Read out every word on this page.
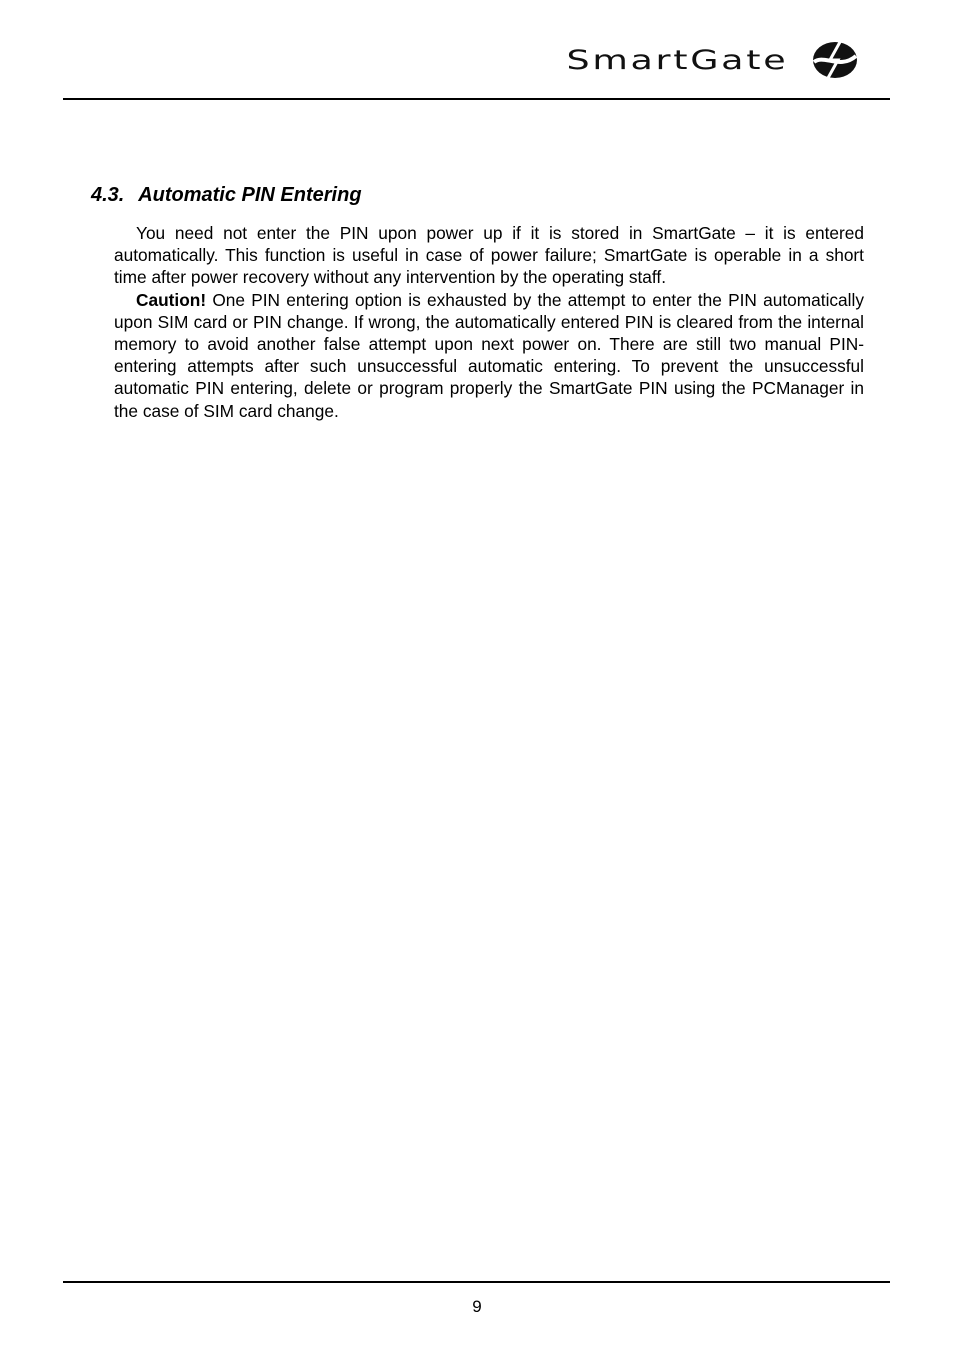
SmartGate
4.3. Automatic PIN Entering

You need not enter the PIN upon power up if it is stored in SmartGate – it is entered automatically. This function is useful in case of power failure; SmartGate is operable in a short time after power recovery without any intervention by the operating staff.

Caution! One PIN entering option is exhausted by the attempt to enter the PIN automatically upon SIM card or PIN change. If wrong, the automatically entered PIN is cleared from the internal memory to avoid another false attempt upon next power on. There are still two manual PIN-entering attempts after such unsuccessful automatic entering. To prevent the unsuccessful automatic PIN entering, delete or program properly the SmartGate PIN using the PCManager in the case of SIM card change.

9
